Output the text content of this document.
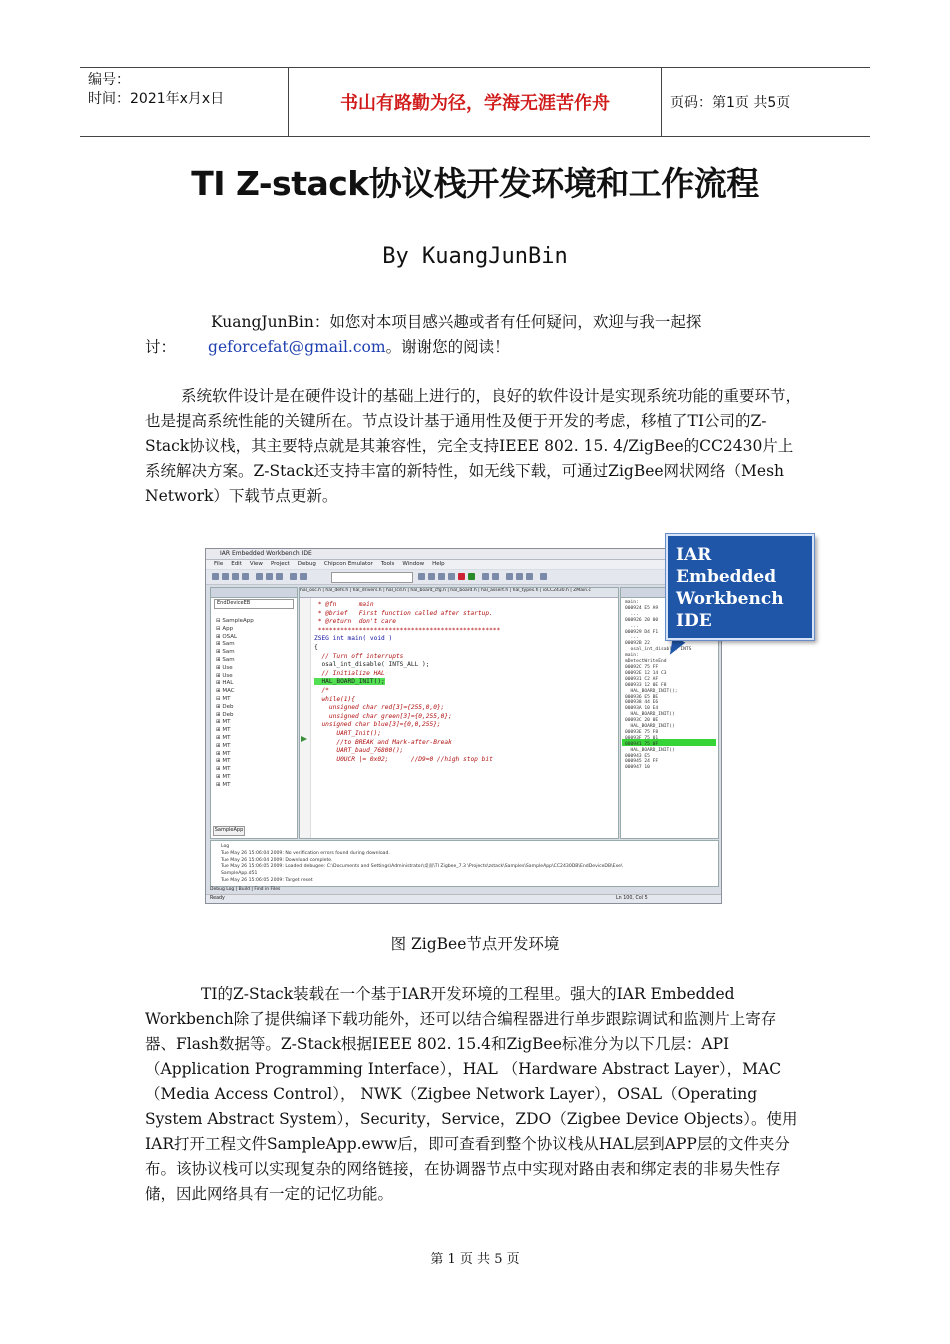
编号：
时间：2021年x月x日	书山有路勤为径，学海无涯苦作舟	页码：第1页 共5页
TI Z-stack协议栈开发环境和工作流程
By KuangJunBin

KuangJunBin：如您对本项目感兴趣或者有任何疑问，欢迎与我一起探

讨： geforcefat@gmail.com。谢谢您的阅读！

系统软件设计是在硬件设计的基础上进行的，良好的软件设计是实现系统功能的重要环节，也是提高系统性能的关键所在。节点设计基于通用性及便于开发的考虑，移植了TI公司的Z-Stack协议栈，其主要特点就是其兼容性，完全支持IEEE 802. 15. 4/ZigBee的CC2430片上系统解决方案。Z-Stack还支持丰富的新特性，如无线下载，可通过ZigBee网状网络（Mesh Network）下载节点更新。

IAR Embedded Workbench IDE
File Edit View Project Debug Chipcon Emulator Tools Window Help
EndDeviceEB
⊟ SampleApp
⊟ App
⊞ OSAL
⊞ Sam
⊞ Sam
⊞ Sam
⊞ Use
⊞ Use
⊞ HAL
⊞ MAC
⊟ MT
⊞ Deb
⊞ Deb
⊞ MT
⊞ MT
⊞ MT
⊞ MT
⊞ MT
⊞ MT
⊞ MT
⊞ MT
⊞ MT
SampleApp
hal_osc.h | hal_defs.h | hal_drivers.h | hal_lcd.h | hal_board_cfg.h | hal_board.h | hal_assert.h | hal_types.h | ioCC2430.h | ZMain.c
* @fn      main
* @brief   First function called after startup.
* @return  don't care
*************************************************
ZSEG int main( void )
{
// Turn off interrupts
osal_int_disable( INTS_ALL );
// Initialize HAL
HAL_BOARD_INIT();
/*
while(1){
unsigned char red[3]={255,0,0};
unsigned char green[3]={0,255,0};
unsigned char blue[3]={0,0,255};
UART_Init();
//to BREAK and Mark-after-Break
UART_baud_76800();
U0UCR |= 0x02;      //D9=0 //high stop bit
main:
000924 E5 A9
...
000926 20 00
...
000929 D4 F1
...
00092B 22
osal_int_disable( INTS
main:
mDetectWriteEnd
00092C 75 FF
00092E 12 14 C3
000931 C2 AF
000933 12 0E F8
HAL_BOARD_INIT();
000936 E5 BE
000938 44 E6
00093A 10 E4
HAL_BOARD_INIT()
00093C 20 0E
HAL_BOARD_INIT()
00093E 75 F8
00093F 75 01
000941 75 0F
HAL_BOARD_INIT()
000943 E5
000945 24 FF
000947 10
Log
Tue May 26 15:06:04 2009: No verification errors found during download.
Tue May 26 15:06:04 2009: Download complete.
Tue May 26 15:06:05 2009: Loaded debugee: C:\Documents and Settings\Administrator\桌面\TI Zigbee_7.3 \Projects\zstack\Samples\SampleApp\CC2430DB\EndDeviceDB\Exe\
SampleApp.d51
Tue May 26 15:06:05 2009: Target reset
Debug Log | Build | Find in Files
Ready	Ln 100, Col 5
IAR Embedded
Workbench
IDE
图 ZigBee节点开发环境

TI的Z-Stack装载在一个基于IAR开发环境的工程里。强大的IAR Embedded Workbench除了提供编译下载功能外，还可以结合编程器进行单步跟踪调试和监测片上寄存器、Flash数据等。Z-Stack根据IEEE 802. 15.4和ZigBee标准分为以下几层：API（Application Programming Interface），HAL （Hardware Abstract Layer），MAC（Media Access Control）， NWK（Zigbee Network Layer），OSAL（Operating System Abstract System），Security，Service，ZDO（Zigbee Device Objects）。使用IAR打开工程文件SampleApp.eww后，即可查看到整个协议栈从HAL层到APP层的文件夹分布。该协议栈可以实现复杂的网络链接，在协调器节点中实现对路由表和绑定表的非易失性存储，因此网络具有一定的记忆功能。

第 1 页 共 5 页
